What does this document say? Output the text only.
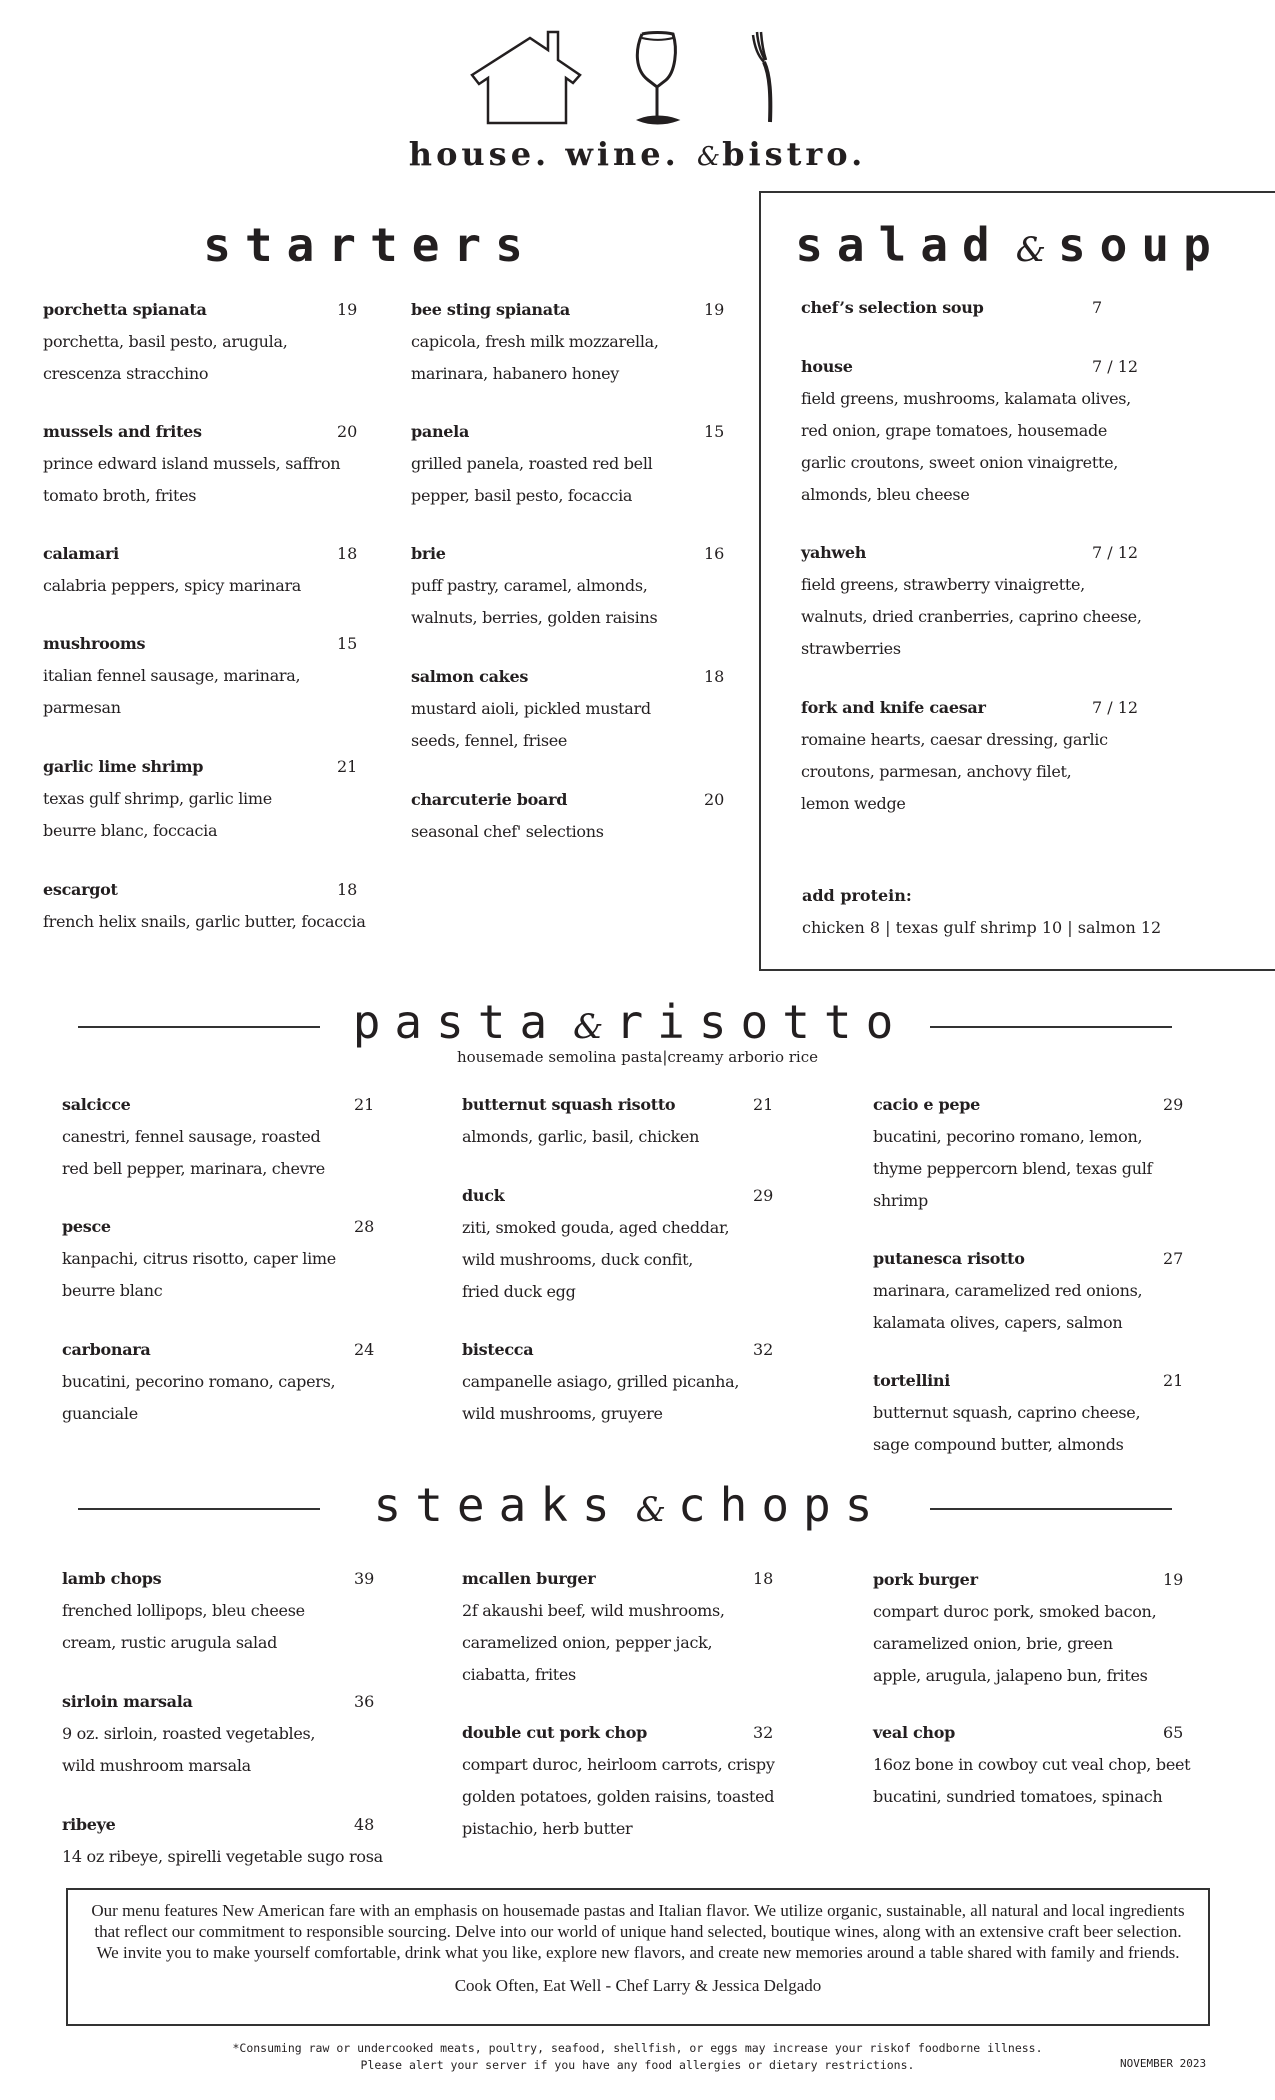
house. wine. &bistro.
starters
porchetta spianata	19
porchetta, basil pesto, arugula,
crescenza stracchino
mussels and frites	20
prince edward island mussels, saffron
tomato broth, frites
calamari	18
calabria peppers, spicy marinara
mushrooms	15
italian fennel sausage, marinara,
parmesan
garlic lime shrimp	21
texas gulf shrimp, garlic lime
beurre blanc, foccacia
escargot	18
french helix snails, garlic butter, focaccia
bee sting spianata	19
capicola, fresh milk mozzarella,
marinara, habanero honey
panela	15
grilled panela, roasted red bell
pepper, basil pesto, focaccia
brie	16
puff pastry, caramel, almonds,
walnuts, berries, golden raisins
salmon cakes	18
mustard aioli, pickled mustard
seeds, fennel, frisee
charcuterie board	20
seasonal chef' selections
salad & soup
chef’s selection soup	7
house	7 / 12
field greens, mushrooms, kalamata olives,
red onion, grape tomatoes, housemade
garlic croutons, sweet onion vinaigrette,
almonds, bleu cheese
yahweh	7 / 12
field greens, strawberry vinaigrette,
walnuts, dried cranberries, caprino cheese,
strawberries
fork and knife caesar	7 / 12
romaine hearts, caesar dressing, garlic
croutons, parmesan, anchovy filet,
lemon wedge
add protein:
chicken 8 | texas gulf shrimp 10 | salmon 12
pasta & risotto
housemade semolina pasta|creamy arborio rice
salcicce	21
canestri, fennel sausage, roasted
red bell pepper, marinara, chevre
pesce	28
kanpachi, citrus risotto, caper lime
beurre blanc
carbonara	24
bucatini, pecorino romano, capers,
guanciale
butternut squash risotto	21
almonds, garlic, basil, chicken
duck	29
ziti, smoked gouda, aged cheddar,
wild mushrooms, duck confit,
fried duck egg
bistecca	32
campanelle asiago, grilled picanha,
wild mushrooms, gruyere
cacio e pepe	29
bucatini, pecorino romano, lemon,
thyme peppercorn blend, texas gulf
shrimp
putanesca risotto	27
marinara, caramelized red onions,
kalamata olives, capers, salmon
tortellini	21
butternut squash, caprino cheese,
sage compound butter, almonds
steaks & chops
lamb chops	39
frenched lollipops, bleu cheese
cream, rustic arugula salad
sirloin marsala	36
9 oz. sirloin, roasted vegetables,
wild mushroom marsala
ribeye	48
14 oz ribeye, spirelli vegetable sugo rosa
mcallen burger	18
2f akaushi beef, wild mushrooms,
caramelized onion, pepper jack,
ciabatta, frites
double cut pork chop	32
compart duroc, heirloom carrots, crispy
golden potatoes, golden raisins, toasted
pistachio, herb butter
pork burger	19
compart duroc pork, smoked bacon,
caramelized onion, brie, green
apple, arugula, jalapeno bun, frites
veal chop	65
16oz bone in cowboy cut veal chop, beet
bucatini, sundried tomatoes, spinach
Our menu features New American fare with an emphasis on housemade pastas and Italian flavor. We utilize organic, sustainable, all natural and local ingredients that reflect our commitment to responsible sourcing. Delve into our world of unique hand selected, boutique wines, along with an extensive craft beer selection. We invite you to make yourself comfortable, drink what you like, explore new flavors, and create new memories around a table shared with family and friends.
Cook Often, Eat Well - Chef Larry & Jessica Delgado
*Consuming raw or undercooked meats, poultry, seafood, shellfish, or eggs may increase your riskof foodborne illness.
Please alert your server if you have any food allergies or dietary restrictions.	NOVEMBER 2023
